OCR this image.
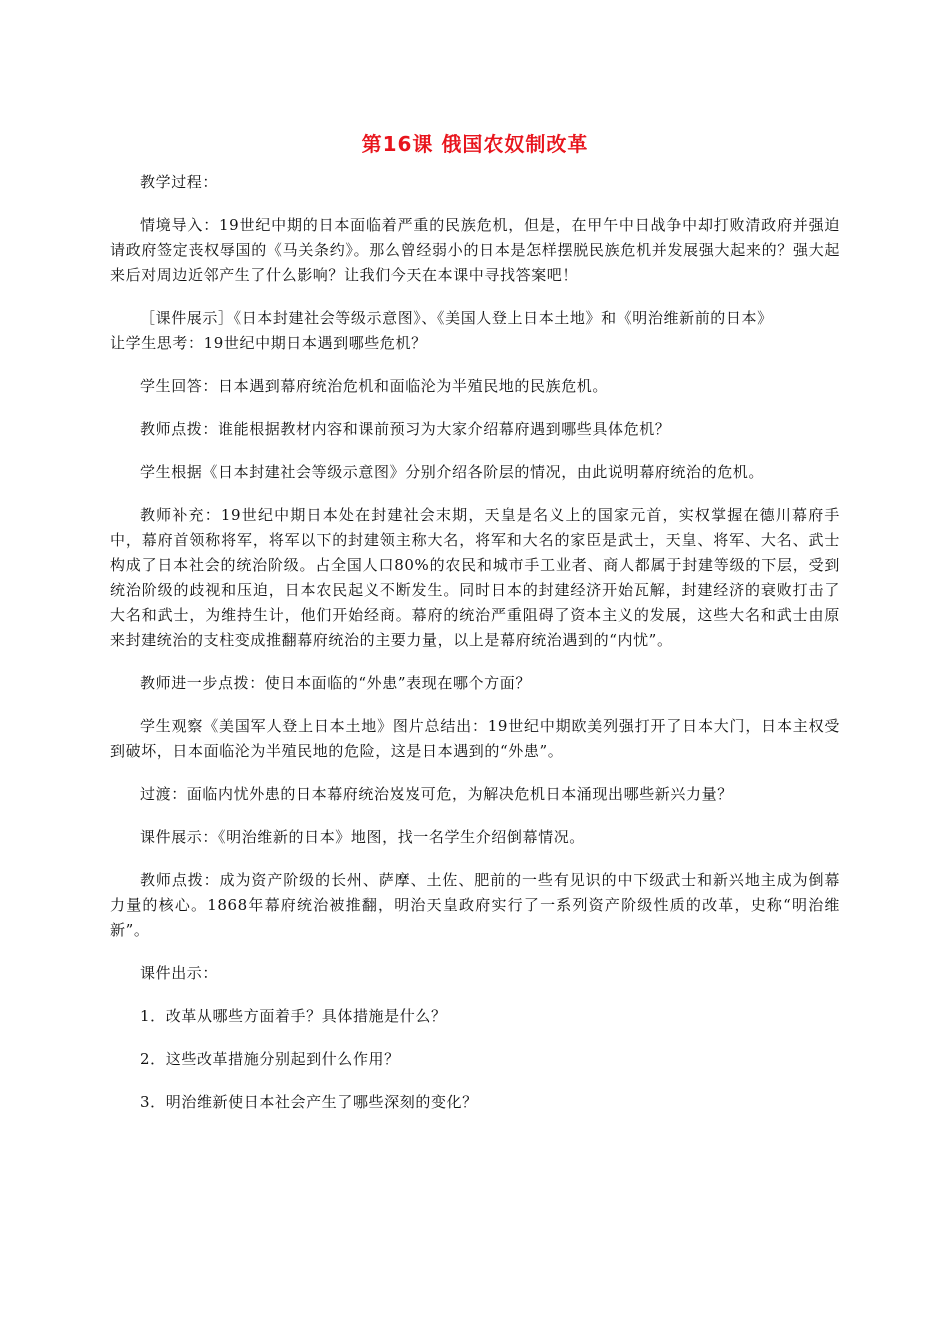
第16课 俄国农奴制改革

教学过程：

情境导入：19世纪中期的日本面临着严重的民族危机，但是，在甲午中日战争中却打败清政府并强迫请政府签定丧权辱国的《马关条约》。那么曾经弱小的日本是怎样摆脱民族危机并发展强大起来的？强大起来后对周边近邻产生了什么影响？让我们今天在本课中寻找答案吧！

［课件展示］《日本封建社会等级示意图》、《美国人登上日本土地》和《明治维新前的日本》

让学生思考：19世纪中期日本遇到哪些危机？

学生回答：日本遇到幕府统治危机和面临沦为半殖民地的民族危机。

教师点拨：谁能根据教材内容和课前预习为大家介绍幕府遇到哪些具体危机？

学生根据《日本封建社会等级示意图》分别介绍各阶层的情况，由此说明幕府统治的危机。

教师补充：19世纪中期日本处在封建社会末期，天皇是名义上的国家元首，实权掌握在德川幕府手中，幕府首领称将军，将军以下的封建领主称大名，将军和大名的家臣是武士，天皇、将军、大名、武士构成了日本社会的统治阶级。占全国人口80%的农民和城市手工业者、商人都属于封建等级的下层，受到统治阶级的歧视和压迫，日本农民起义不断发生。同时日本的封建经济开始瓦解，封建经济的衰败打击了大名和武士，为维持生计，他们开始经商。幕府的统治严重阻碍了资本主义的发展，这些大名和武士由原来封建统治的支柱变成推翻幕府统治的主要力量，以上是幕府统治遇到的“内忧”。

教师进一步点拨：使日本面临的“外患”表现在哪个方面？

学生观察《美国军人登上日本土地》图片总结出：19世纪中期欧美列强打开了日本大门，日本主权受到破坏，日本面临沦为半殖民地的危险，这是日本遇到的“外患”。

过渡：面临内忧外患的日本幕府统治岌岌可危，为解决危机日本涌现出哪些新兴力量？

课件展示：《明治维新的日本》地图，找一名学生介绍倒幕情况。

教师点拨：成为资产阶级的长州、萨摩、土佐、肥前的一些有见识的中下级武士和新兴地主成为倒幕力量的核心。1868年幕府统治被推翻，明治天皇政府实行了一系列资产阶级性质的改革，史称“明治维新”。

课件出示：

1．改革从哪些方面着手？具体措施是什么？

2．这些改革措施分别起到什么作用？

3．明治维新使日本社会产生了哪些深刻的变化？
